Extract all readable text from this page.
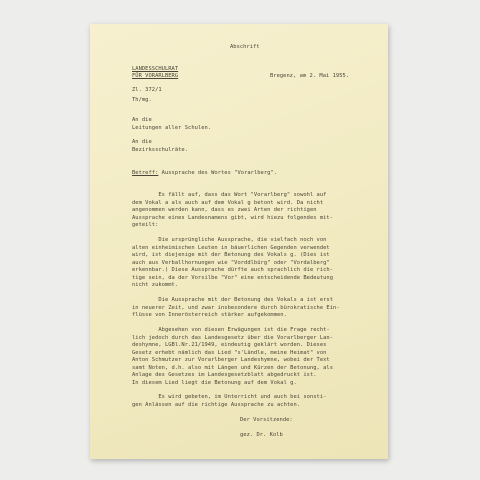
Abschrift
LANDESSCHULRAT
FÜR VORARLBERG	Bregenz, am 2. Mai 1955.
Zl. 372/1
Th/mg.
An die
Leitungen aller Schulen.
An die
Bezirksschulräte.
Betreff: Aussprache des Wortes "Vorarlberg".
Es fällt auf, dass das Wort "Vorarlberg" sowohl auf
dem Vokal a als auch auf dem Vokal g betont wird. Da nicht
angenommen werden kann, dass es zwei Arten der richtigen
Aussprache eines Landesnamens gibt, wird hiezu folgendes mit-
geteilt:
Die ursprüngliche Aussprache, die vielfach noch von
alten einheimischen Leuten in bäuerlichen Gegenden verwendet
wird, ist diejenige mit der Betonung des Vokals g. (Dies ist
auch aus Verballhornungen wie "Vorddlbürg" oder "Vordalberg"
erkennbar.) Diese Aussprache dürfte auch sprachlich die rich-
tige sein, da der Vorsilbe "Vor" eine entscheidende Bedeutung
nicht zukommt.
Die Aussprache mit der Betonung des Vokals a ist erst
in neuerer Zeit, und zwar insbesondere durch bürokratische Ein-
flüsse von Innerösterreich stärker aufgekommen.
Abgesehen von diesen Erwägungen ist die Frage recht-
lich jedoch durch das Landesgesetz über die Vorarlberger Lan-
deshymne, LGBl.Nr.21/1949, eindeutig geklärt worden. Dieses
Gesetz erhebt nämlich das Lied "s'Ländle, meine Heimat" von
Anton Schmutzer zur Vorarlberger Landeshymne, wobei der Text
samt Noten, d.h. also mit Längen und Kürzen der Betonung, als
Anlage des Gesetzes im Landesgesetzblatt abgedruckt ist.
In diesem Lied liegt die Betonung auf dem Vokal g.
Es wird gebeten, im Unterricht und auch bei sonsti-
gen Anlässen auf die richtige Aussprache zu achten.
Der Vorsitzende:
gez. Dr. Kolb
